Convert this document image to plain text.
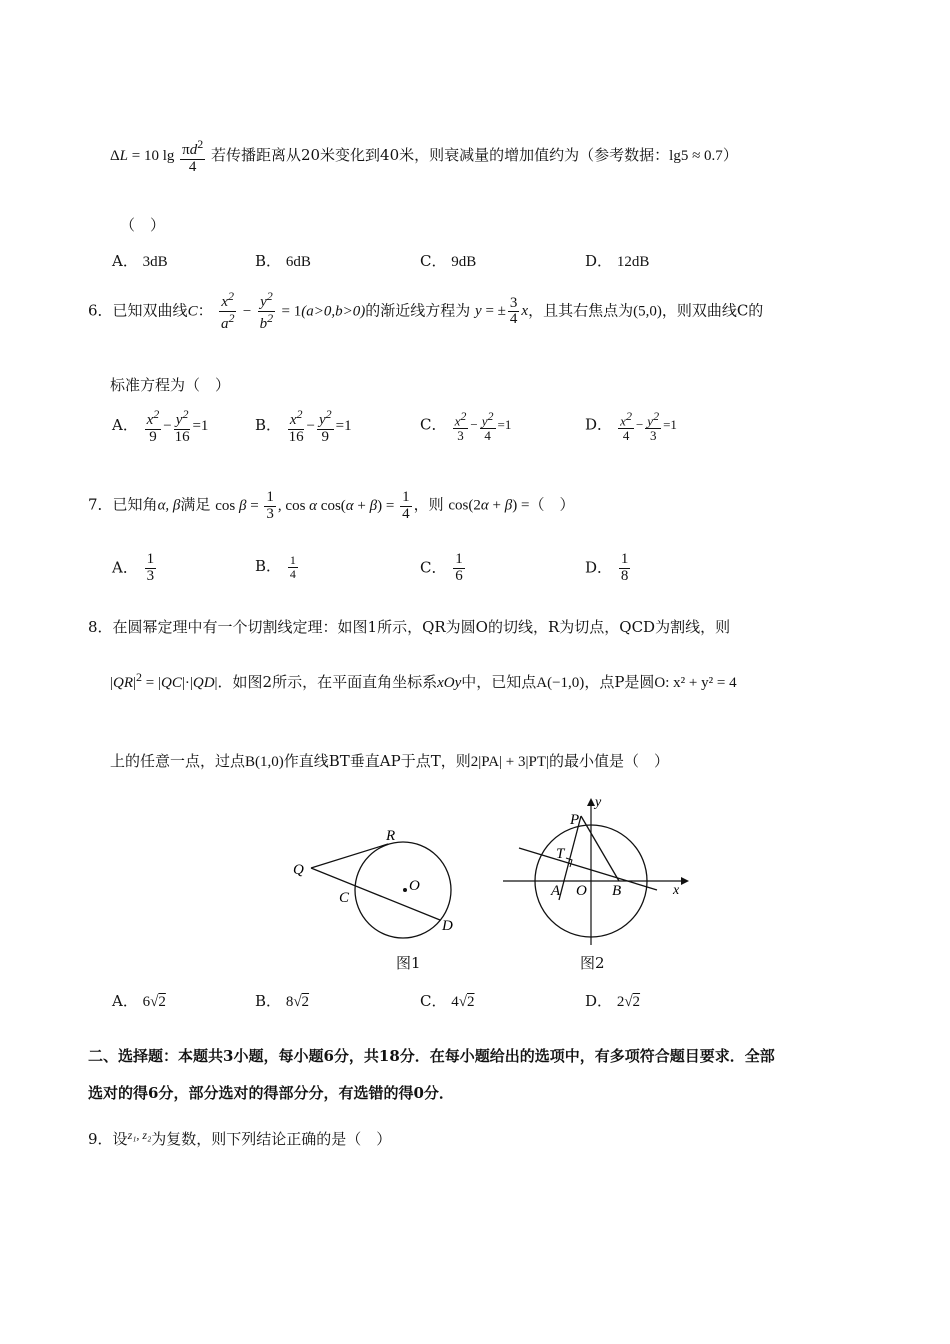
ΔL = 10 $\lg \frac{\pi d^2}{4}$ 若传播距离从20米变化到40米，则衰减量的增加值约为（参考数据：lg5 ≈ 0.7）
（　）
A． 3dB	B． 6dB	C． 9dB	D． 12dB
6．已知双曲线C： $\frac{x^2}{a^2} - \frac{y^2}{b^2} = 1(a>0,b>0)$的渐近线方程为 y = ± $\frac{3}{4}$ x，且其右焦点为(5,0)，则双曲线C的
标准方程为（　）
A． $\frac{x^2}{9} - \frac{y^2}{16} =1$	B． $\frac{x^2}{16} - \frac{y^2}{9} =1$	C． $\frac{x^2}{3} - \frac{y^2}{4} =1$	D． $\frac{x^2}{4} - \frac{y^2}{3} =1$
7．已知角α, β满足 $\cos \beta = \frac{1}{3}$ , cos α $\cos(\alpha + \beta) = \frac{1}{4}$ ，则 cos(2α + β) =（　）
A． $\frac{1}{3}$	B． $\frac{1}{4}$	C． $\frac{1}{6}$	D． $\frac{1}{8}$
8．在圆幂定理中有一个切割线定理：如图1所示，QR为圆O的切线，R为切点，QCD为割线，则
$|QR|^2 = |QC|\cdot|QD|$．如图2所示，在平面直角坐标系xOy中，已知点A(−1,0)，点P是圆O: x² + y² = 4
上的任意一点，过点B(1,0)作直线BT垂直AP于点T，则2|PA| + 3|PT|的最小值是（　）
Q
R
C
O
D
图1
y
x
P
T
A O B
图2
A． 6√2	B． 8√2	C． 4√2	D． 2√2
二、选择题：本题共3小题，每小题6分，共18分．在每小题给出的选项中，有多项符合题目要求．全部
选对的得6分，部分选对的得部分分，有选错的得0分．
9．设$^{z_1, z_2}$为复数，则下列结论正确的是（　）
